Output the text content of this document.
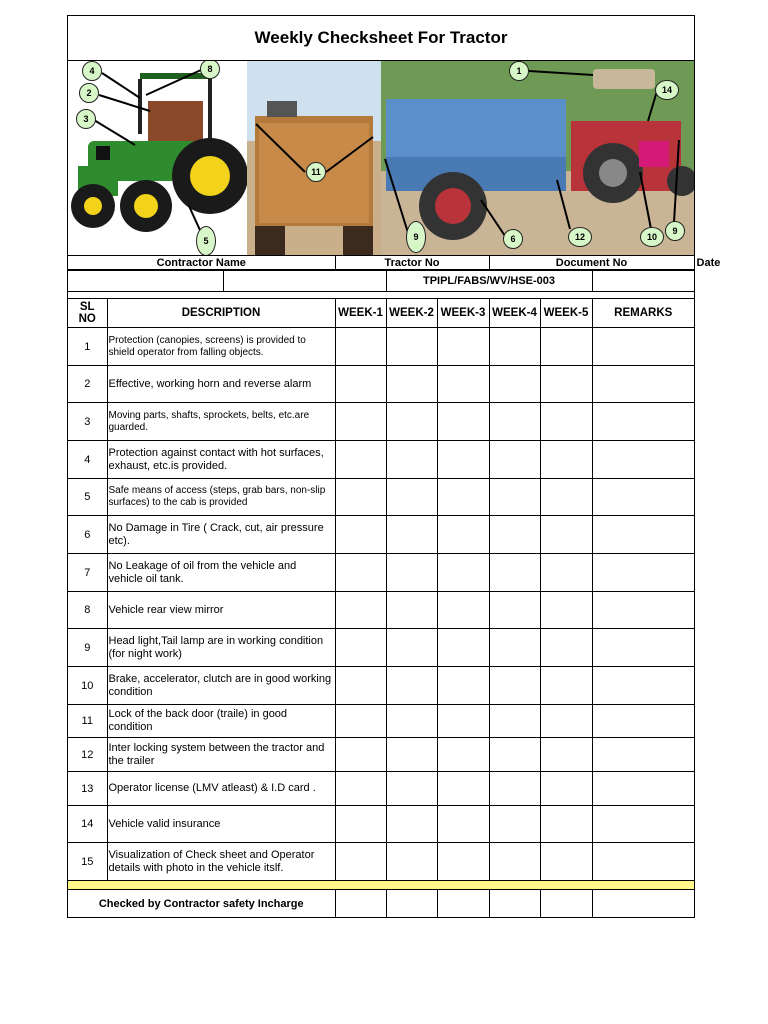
Weekly Checksheet For Tractor
4
2
3
8
5
11
9	6	12	10
9
1
14
Contractor Name	Tractor No	Document No	Date
		TPIPL/FABS/WV/HSE-003	

SL NO	DESCRIPTION	WEEK-1	WEEK-2	WEEK-3	WEEK-4	WEEK-5	REMARKS
1	Protection (canopies, screens) is provided to shield operator from falling objects.						
2	Effective, working horn and reverse alarm						
3	Moving parts, shafts, sprockets, belts, etc.are guarded.						
4	Protection against contact with hot surfaces, exhaust, etc.is provided.						
5	Safe means of access (steps, grab bars, non-slip surfaces) to the cab is provided						
6	No Damage in Tire ( Crack, cut, air pressure etc).						
7	No Leakage of oil from the vehicle and vehicle oil tank.						
8	Vehicle rear view mirror						
9	Head light,Tail lamp are in working condition (for night work)						
10	Brake, accelerator, clutch are in good working condition						
11	Lock of the back door (traile) in good condition						
12	Inter locking system between the tractor and the trailer						
13	Operator license (LMV atleast) & I.D card .						
14	Vehicle valid insurance						
15	Visualization of Check sheet and Operator details with photo in the vehicle itslf.						

Checked by Contractor safety Incharge							
